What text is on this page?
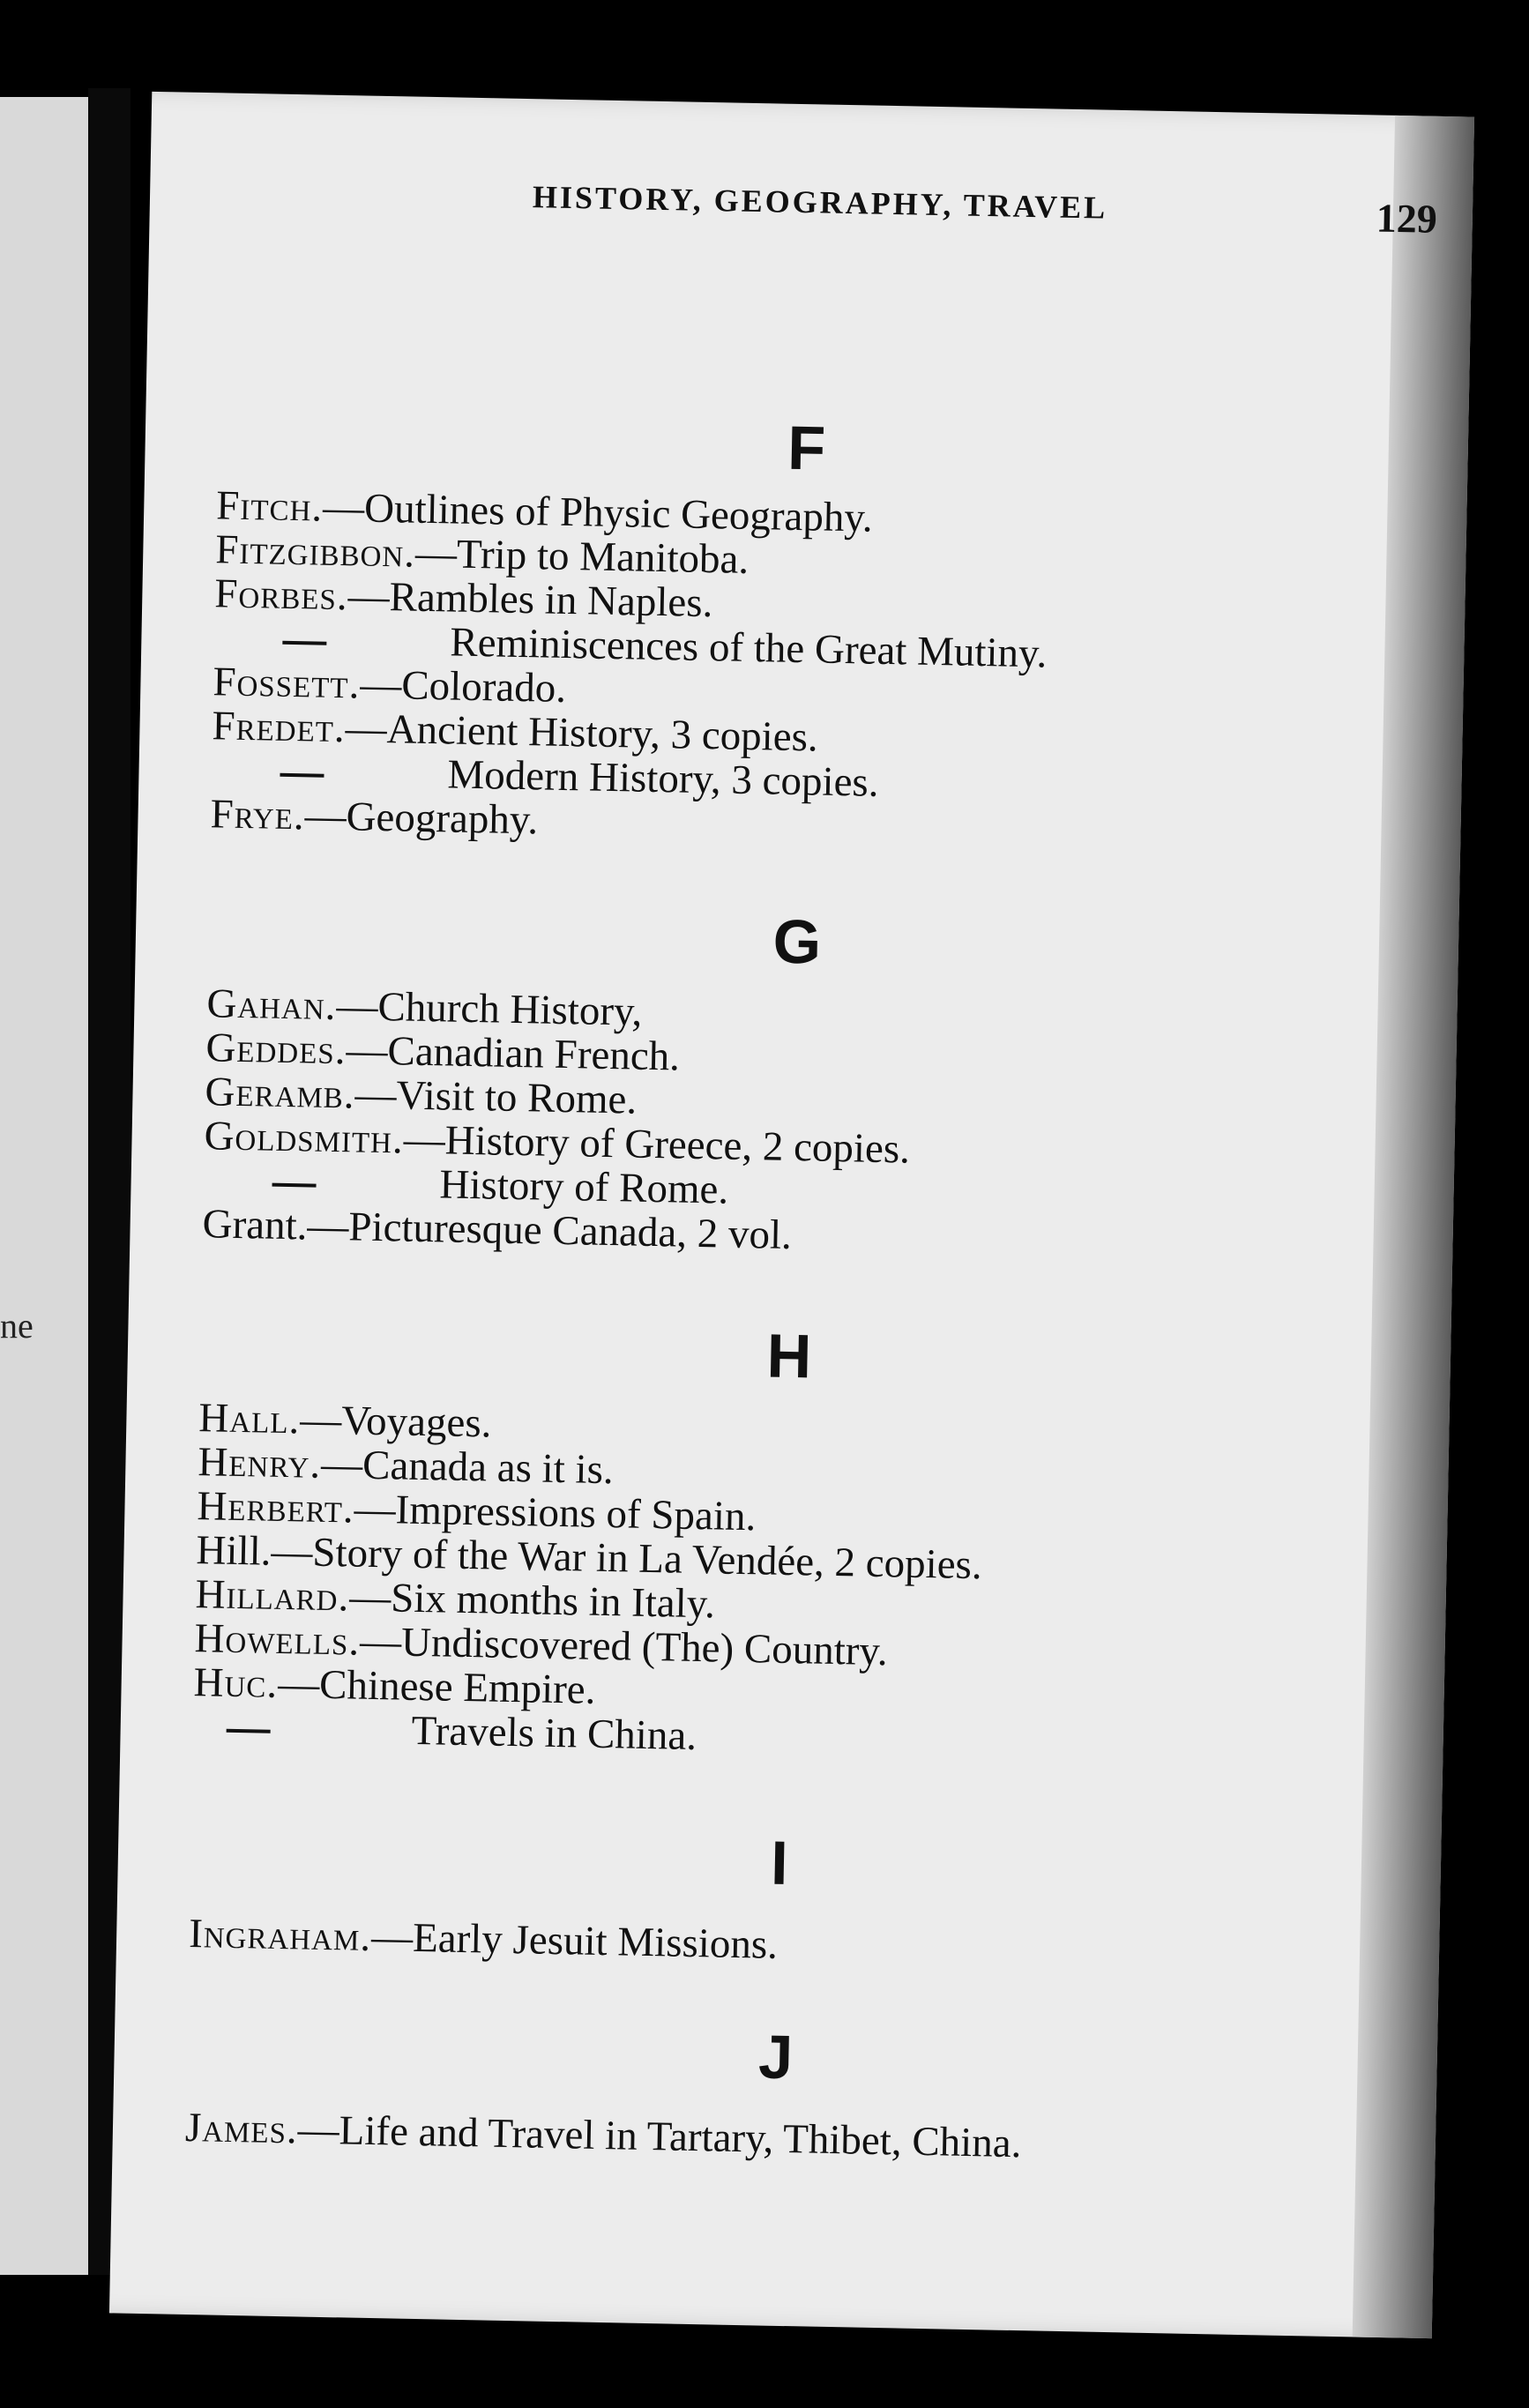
ne
HISTORY, GEOGRAPHY, TRAVEL	129
F
Fitch.—Outlines of Physic Geography.
Fitzgibbon.—Trip to Manitoba.
Forbes.—Rambles in Naples.
Reminiscences of the Great Mutiny.
Fossett.—Colorado.
Fredet.—Ancient History, 3 copies.
Modern History, 3 copies.
Frye.—Geography.
G
Gahan.—Church History,
Geddes.—Canadian French.
Geramb.—Visit to Rome.
Goldsmith.—History of Greece, 2 copies.
History of Rome.
Grant.—Picturesque Canada, 2 vol.
H
Hall.—Voyages.
Henry.—Canada as it is.
Herbert.—Impressions of Spain.
Hill.—Story of the War in La Vendée, 2 copies.
Hillard.—Six months in Italy.
Howells.—Undiscovered (The) Country.
Huc.—Chinese Empire.
Travels in China.
I
Ingraham.—Early Jesuit Missions.
J
James.—Life and Travel in Tartary, Thibet, China.
